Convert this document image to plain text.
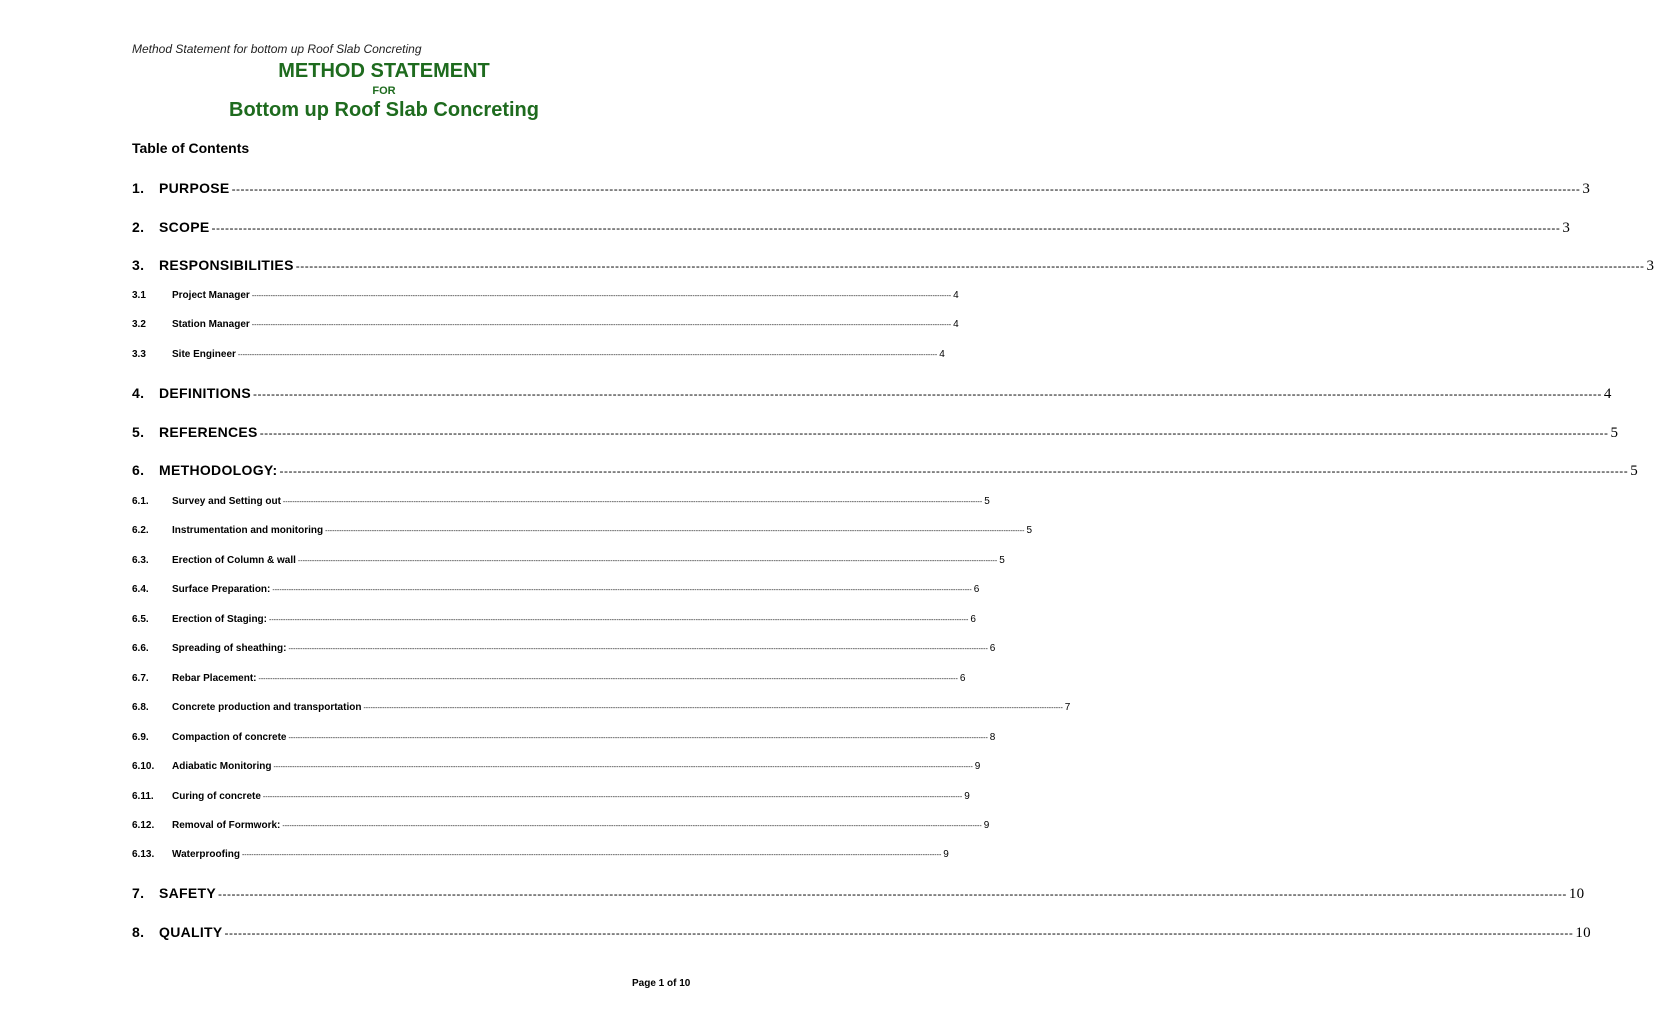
Method Statement for bottom up Roof Slab Concreting
METHOD STATEMENT
FOR
Bottom up Roof Slab Concreting
Table of Contents
1.	PURPOSE ------------------------------------------------------------------------------------------------------------------------------------------------------------------------------------------------------------------------------------------------------------------------------------------------------------ 3
2.	SCOPE ------------------------------------------------------------------------------------------------------------------------------------------------------------------------------------------------------------------------------------------------------------------------------------------------------------ 3
3.	RESPONSIBILITIES ------------------------------------------------------------------------------------------------------------------------------------------------------------------------------------------------------------------------------------------------------------------------------------------------------------ 3
3.1	Project Manager ------------------------------------------------------------------------------------------------------------------------------------------------------------------------------------------------------------------------------------------------------------------------------------------------------------ 4
3.2	Station Manager ------------------------------------------------------------------------------------------------------------------------------------------------------------------------------------------------------------------------------------------------------------------------------------------------------------ 4
3.3	Site Engineer ------------------------------------------------------------------------------------------------------------------------------------------------------------------------------------------------------------------------------------------------------------------------------------------------------------ 4
4.	DEFINITIONS ------------------------------------------------------------------------------------------------------------------------------------------------------------------------------------------------------------------------------------------------------------------------------------------------------------ 4
5.	REFERENCES ------------------------------------------------------------------------------------------------------------------------------------------------------------------------------------------------------------------------------------------------------------------------------------------------------------ 5
6.	METHODOLOGY: ------------------------------------------------------------------------------------------------------------------------------------------------------------------------------------------------------------------------------------------------------------------------------------------------------------ 5
6.1.	Survey and Setting out ------------------------------------------------------------------------------------------------------------------------------------------------------------------------------------------------------------------------------------------------------------------------------------------------------------ 5
6.2.	Instrumentation and monitoring ------------------------------------------------------------------------------------------------------------------------------------------------------------------------------------------------------------------------------------------------------------------------------------------------------------ 5
6.3.	Erection of Column & wall ------------------------------------------------------------------------------------------------------------------------------------------------------------------------------------------------------------------------------------------------------------------------------------------------------------ 5
6.4.	Surface Preparation: ------------------------------------------------------------------------------------------------------------------------------------------------------------------------------------------------------------------------------------------------------------------------------------------------------------ 6
6.5.	Erection of Staging: ------------------------------------------------------------------------------------------------------------------------------------------------------------------------------------------------------------------------------------------------------------------------------------------------------------ 6
6.6.	Spreading of sheathing: ------------------------------------------------------------------------------------------------------------------------------------------------------------------------------------------------------------------------------------------------------------------------------------------------------------ 6
6.7.	Rebar Placement: ------------------------------------------------------------------------------------------------------------------------------------------------------------------------------------------------------------------------------------------------------------------------------------------------------------ 6
6.8.	Concrete production and transportation ------------------------------------------------------------------------------------------------------------------------------------------------------------------------------------------------------------------------------------------------------------------------------------------------------------ 7
6.9.	Compaction of concrete ------------------------------------------------------------------------------------------------------------------------------------------------------------------------------------------------------------------------------------------------------------------------------------------------------------ 8
6.10.	Adiabatic Monitoring ------------------------------------------------------------------------------------------------------------------------------------------------------------------------------------------------------------------------------------------------------------------------------------------------------------ 9
6.11.	Curing of concrete ------------------------------------------------------------------------------------------------------------------------------------------------------------------------------------------------------------------------------------------------------------------------------------------------------------ 9
6.12.	Removal of Formwork: ------------------------------------------------------------------------------------------------------------------------------------------------------------------------------------------------------------------------------------------------------------------------------------------------------------ 9
6.13.	Waterproofing ------------------------------------------------------------------------------------------------------------------------------------------------------------------------------------------------------------------------------------------------------------------------------------------------------------ 9
7.	SAFETY ------------------------------------------------------------------------------------------------------------------------------------------------------------------------------------------------------------------------------------------------------------------------------------------------------------ 10
8.	QUALITY ------------------------------------------------------------------------------------------------------------------------------------------------------------------------------------------------------------------------------------------------------------------------------------------------------------ 10
Page 1 of 10
